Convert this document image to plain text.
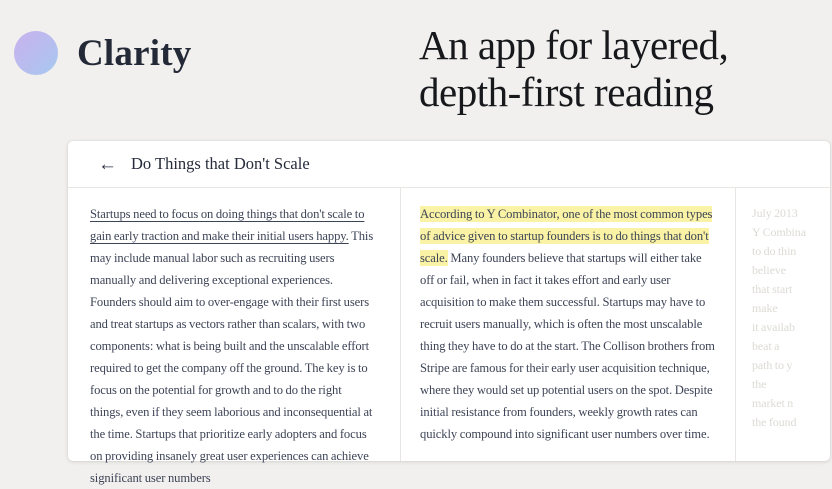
Clarity	An app for layered,
depth-first reading
← Do Things that Don't Scale

Startups need to focus on doing things that don't scale to gain early traction and make their initial users happy. This may include manual labor such as recruiting users manually and delivering exceptional experiences. Founders should aim to over-engage with their first users and treat startups as vectors rather than scalars, with two components: what is being built and the unscalable effort required to get the company off the ground. The key is to focus on the potential for growth and to do the right things, even if they seem laborious and inconsequential at the time. Startups that prioritize early adopters and focus on providing insanely great user experiences can achieve significant user numbers

According to Y Combinator, one of the most common types of advice given to startup founders is to do things that don't scale. Many founders believe that startups will either take off or fail, when in fact it takes effort and early user acquisition to make them successful. Startups may have to recruit users manually, which is often the most unscalable thing they have to do at the start. The Collison brothers from Stripe are famous for their early user acquisition technique, where they would set up potential users on the spot. Despite initial resistance from founders, weekly growth rates can quickly compound into significant user numbers over time.

July 2013
Y Combina
to do thin
believe
that start
make
it availab
beat a
path to y
the
market n
the found
